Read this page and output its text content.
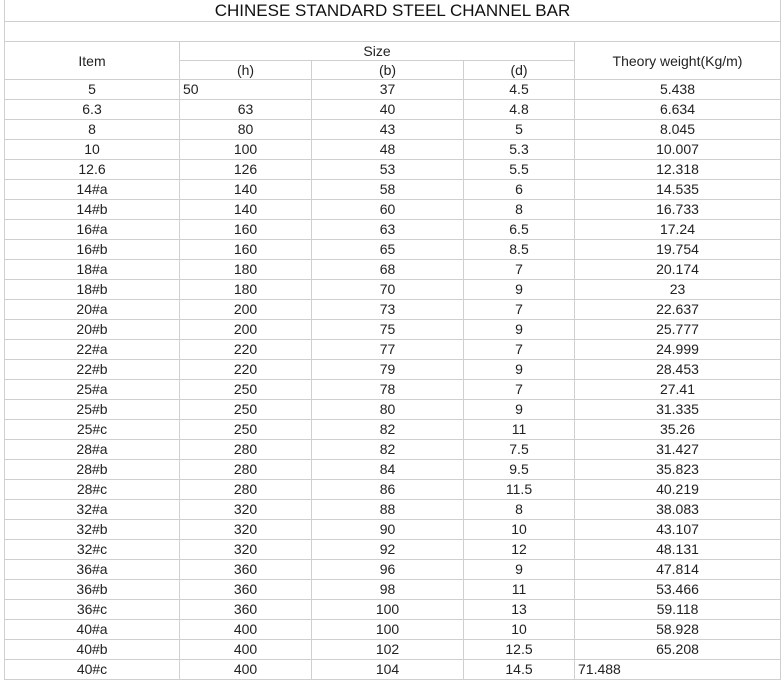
CHINESE STANDARD STEEL CHANNEL BAR				

Item	Size			Theory weight(Kg/m)
	(h)	(b)	(d)	
5	50	37	4.5	5.438
6.3	63	40	4.8	6.634
8	80	43	5	8.045
10	100	48	5.3	10.007
12.6	126	53	5.5	12.318
14#a	140	58	6	14.535
14#b	140	60	8	16.733
16#a	160	63	6.5	17.24
16#b	160	65	8.5	19.754
18#a	180	68	7	20.174
18#b	180	70	9	23
20#a	200	73	7	22.637
20#b	200	75	9	25.777
22#a	220	77	7	24.999
22#b	220	79	9	28.453
25#a	250	78	7	27.41
25#b	250	80	9	31.335
25#c	250	82	11	35.26
28#a	280	82	7.5	31.427
28#b	280	84	9.5	35.823
28#c	280	86	11.5	40.219
32#a	320	88	8	38.083
32#b	320	90	10	43.107
32#c	320	92	12	48.131
36#a	360	96	9	47.814
36#b	360	98	11	53.466
36#c	360	100	13	59.118
40#a	400	100	10	58.928
40#b	400	102	12.5	65.208
40#c	400	104	14.5	71.488
